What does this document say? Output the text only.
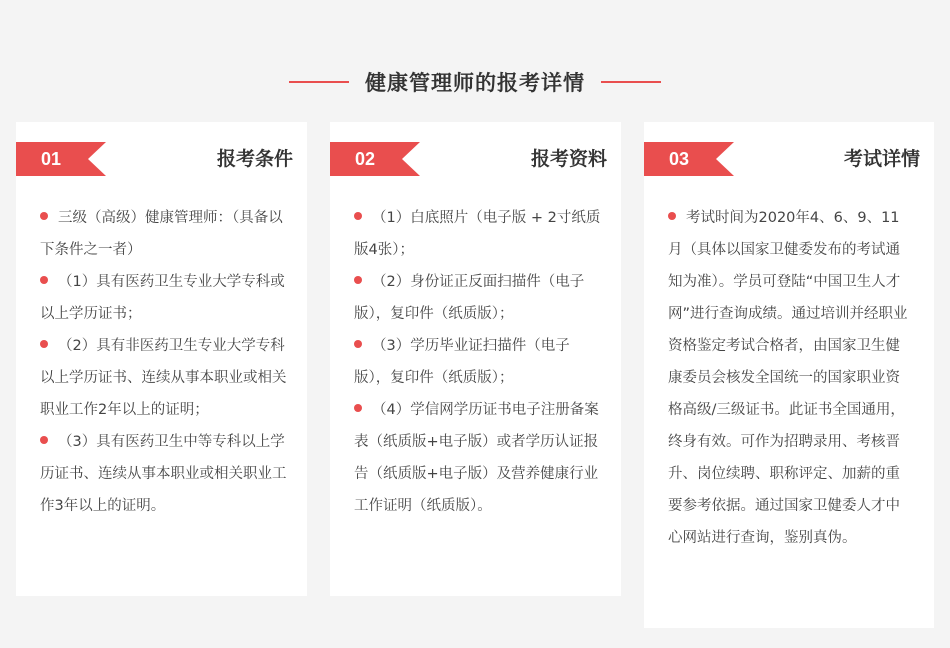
健康管理师的报考详情
01	报考条件
三级（高级）健康管理师：（具备以下条件之一者）
（1）具有医药卫生专业大学专科或以上学历证书；
（2）具有非医药卫生专业大学专科以上学历证书、连续从事本职业或相关职业工作2年以上的证明；
（3）具有医药卫生中等专科以上学历证书、连续从事本职业或相关职业工作3年以上的证明。
02	报考资料
（1）白底照片（电子版 + 2寸纸质版4张）；
（2）身份证正反面扫描件（电子版），复印件（纸质版）；
（3）学历毕业证扫描件（电子版），复印件（纸质版）；
（4）学信网学历证书电子注册备案表（纸质版+电子版）或者学历认证报告（纸质版+电子版）及营养健康行业工作证明（纸质版）。
03	考试详情
考试时间为2020年4、6、9、11月（具体以国家卫健委发布的考试通知为准）。学员可登陆“中国卫生人才网”进行查询成绩。通过培训并经职业资格鉴定考试合格者，由国家卫生健康委员会核发全国统一的国家职业资格高级/三级证书。此证书全国通用，终身有效。可作为招聘录用、考核晋升、岗位续聘、职称评定、加薪的重要参考依据。通过国家卫健委人才中心网站进行查询，鉴别真伪。
